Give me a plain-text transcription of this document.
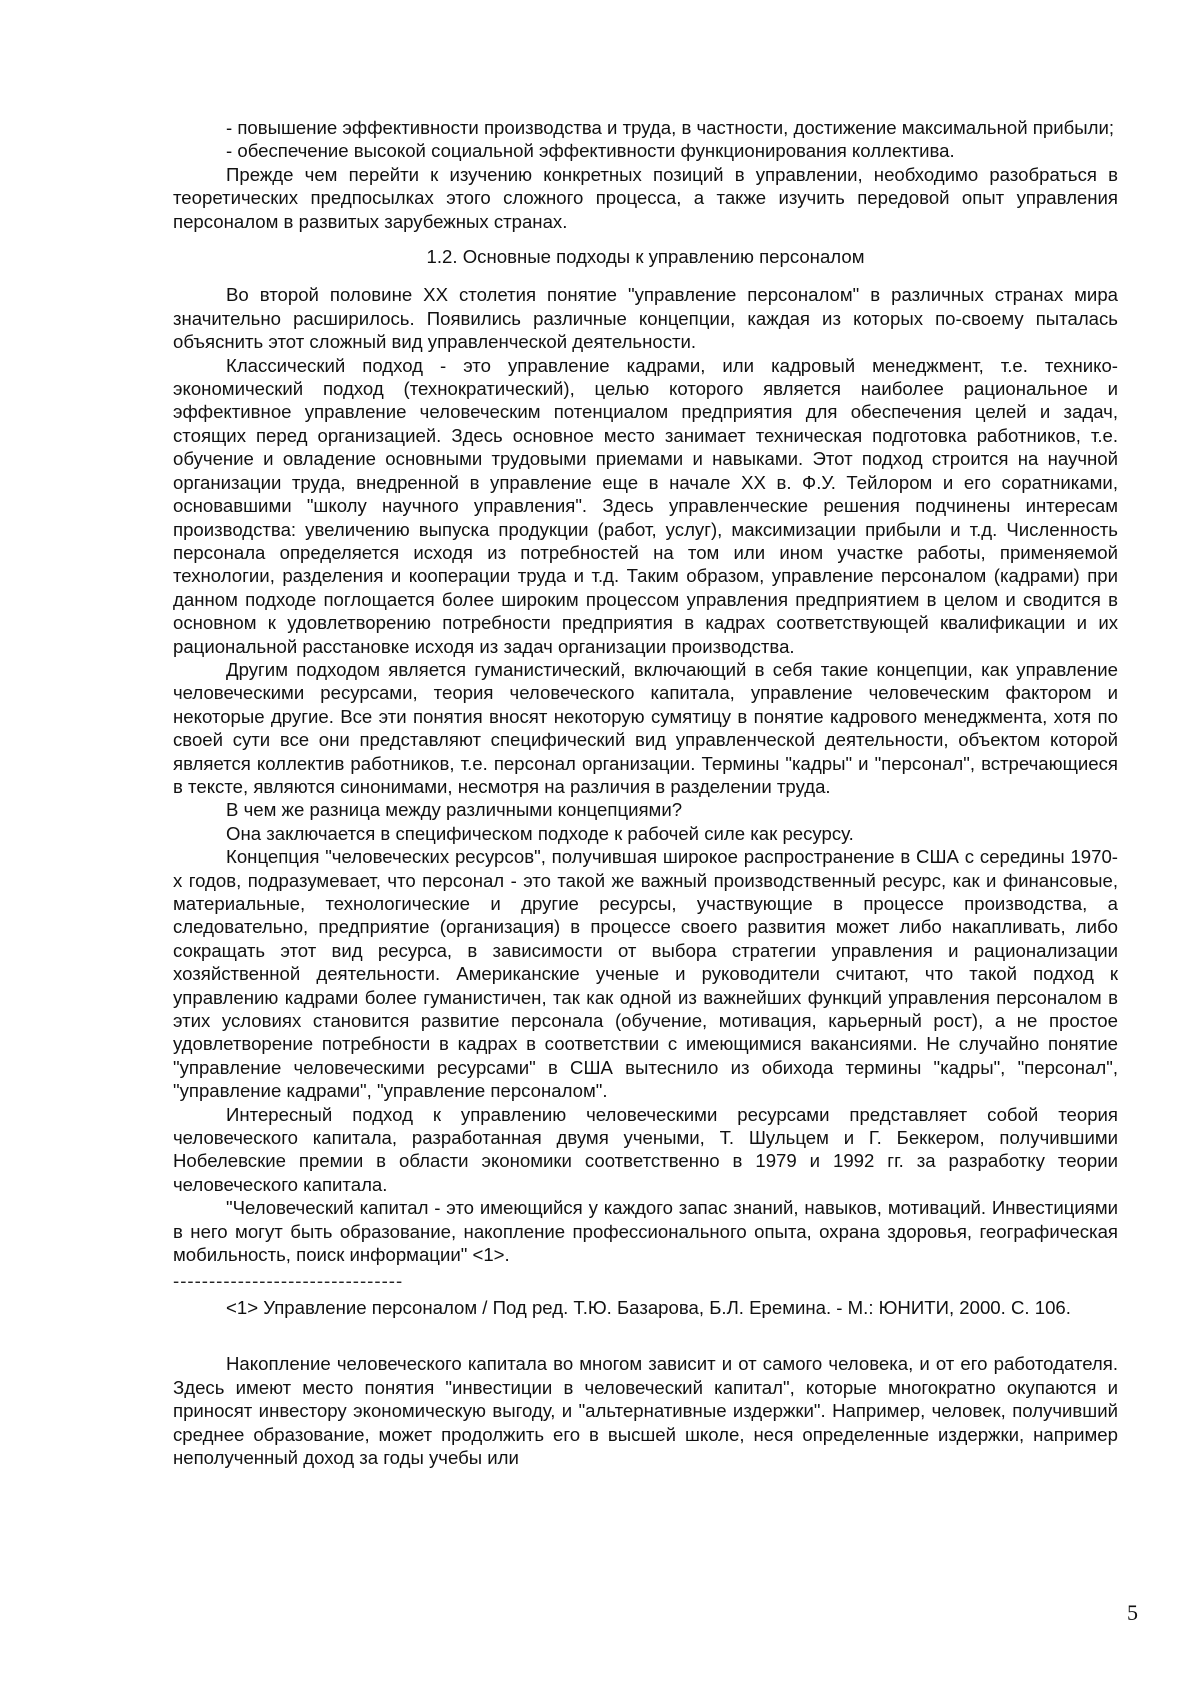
- повышение эффективности производства и труда, в частности, достижение максимальной прибыли;

- обеспечение высокой социальной эффективности функционирования коллектива.

Прежде чем перейти к изучению конкретных позиций в управлении, необходимо разобраться в теоретических предпосылках этого сложного процесса, а также изучить передовой опыт управления персоналом в развитых зарубежных странах.

1.2. Основные подходы к управлению персоналом

Во второй половине XX столетия понятие "управление персоналом" в различных странах мира значительно расширилось. Появились различные концепции, каждая из которых по-своему пыталась объяснить этот сложный вид управленческой деятельности.

Классический подход - это управление кадрами, или кадровый менеджмент, т.е. технико-экономический подход (технократический), целью которого является наиболее рациональное и эффективное управление человеческим потенциалом предприятия для обеспечения целей и задач, стоящих перед организацией. Здесь основное место занимает техническая подготовка работников, т.е. обучение и овладение основными трудовыми приемами и навыками. Этот подход строится на научной организации труда, внедренной в управление еще в начале XX в. Ф.У. Тейлором и его соратниками, основавшими "школу научного управления". Здесь управленческие решения подчинены интересам производства: увеличению выпуска продукции (работ, услуг), максимизации прибыли и т.д. Численность персонала определяется исходя из потребностей на том или ином участке работы, применяемой технологии, разделения и кооперации труда и т.д. Таким образом, управление персоналом (кадрами) при данном подходе поглощается более широким процессом управления предприятием в целом и сводится в основном к удовлетворению потребности предприятия в кадрах соответствующей квалификации и их рациональной расстановке исходя из задач организации производства.

Другим подходом является гуманистический, включающий в себя такие концепции, как управление человеческими ресурсами, теория человеческого капитала, управление человеческим фактором и некоторые другие. Все эти понятия вносят некоторую сумятицу в понятие кадрового менеджмента, хотя по своей сути все они представляют специфический вид управленческой деятельности, объектом которой является коллектив работников, т.е. персонал организации. Термины "кадры" и "персонал", встречающиеся в тексте, являются синонимами, несмотря на различия в разделении труда.

В чем же разница между различными концепциями?

Она заключается в специфическом подходе к рабочей силе как ресурсу.

Концепция "человеческих ресурсов", получившая широкое распространение в США с середины 1970-х годов, подразумевает, что персонал - это такой же важный производственный ресурс, как и финансовые, материальные, технологические и другие ресурсы, участвующие в процессе производства, а следовательно, предприятие (организация) в процессе своего развития может либо накапливать, либо сокращать этот вид ресурса, в зависимости от выбора стратегии управления и рационализации хозяйственной деятельности. Американские ученые и руководители считают, что такой подход к управлению кадрами более гуманистичен, так как одной из важнейших функций управления персоналом в этих условиях становится развитие персонала (обучение, мотивация, карьерный рост), а не простое удовлетворение потребности в кадрах в соответствии с имеющимися вакансиями. Не случайно понятие "управление человеческими ресурсами" в США вытеснило из обихода термины "кадры", "персонал", "управление кадрами", "управление персоналом".

Интересный подход к управлению человеческими ресурсами представляет собой теория человеческого капитала, разработанная двумя учеными, Т. Шульцем и Г. Беккером, получившими Нобелевские премии в области экономики соответственно в 1979 и 1992 гг. за разработку теории человеческого капитала.

"Человеческий капитал - это имеющийся у каждого запас знаний, навыков, мотиваций. Инвестициями в него могут быть образование, накопление профессионального опыта, охрана здоровья, географическая мобильность, поиск информации" <1>.

--------------------------------

<1> Управление персоналом / Под ред. Т.Ю. Базарова, Б.Л. Еремина. - М.: ЮНИТИ, 2000. С. 106.

Накопление человеческого капитала во многом зависит и от самого человека, и от его работодателя. Здесь имеют место понятия "инвестиции в человеческий капитал", которые многократно окупаются и приносят инвестору экономическую выгоду, и "альтернативные издержки". Например, человек, получивший среднее образование, может продолжить его в высшей школе, неся определенные издержки, например неполученный доход за годы учебы или

5
